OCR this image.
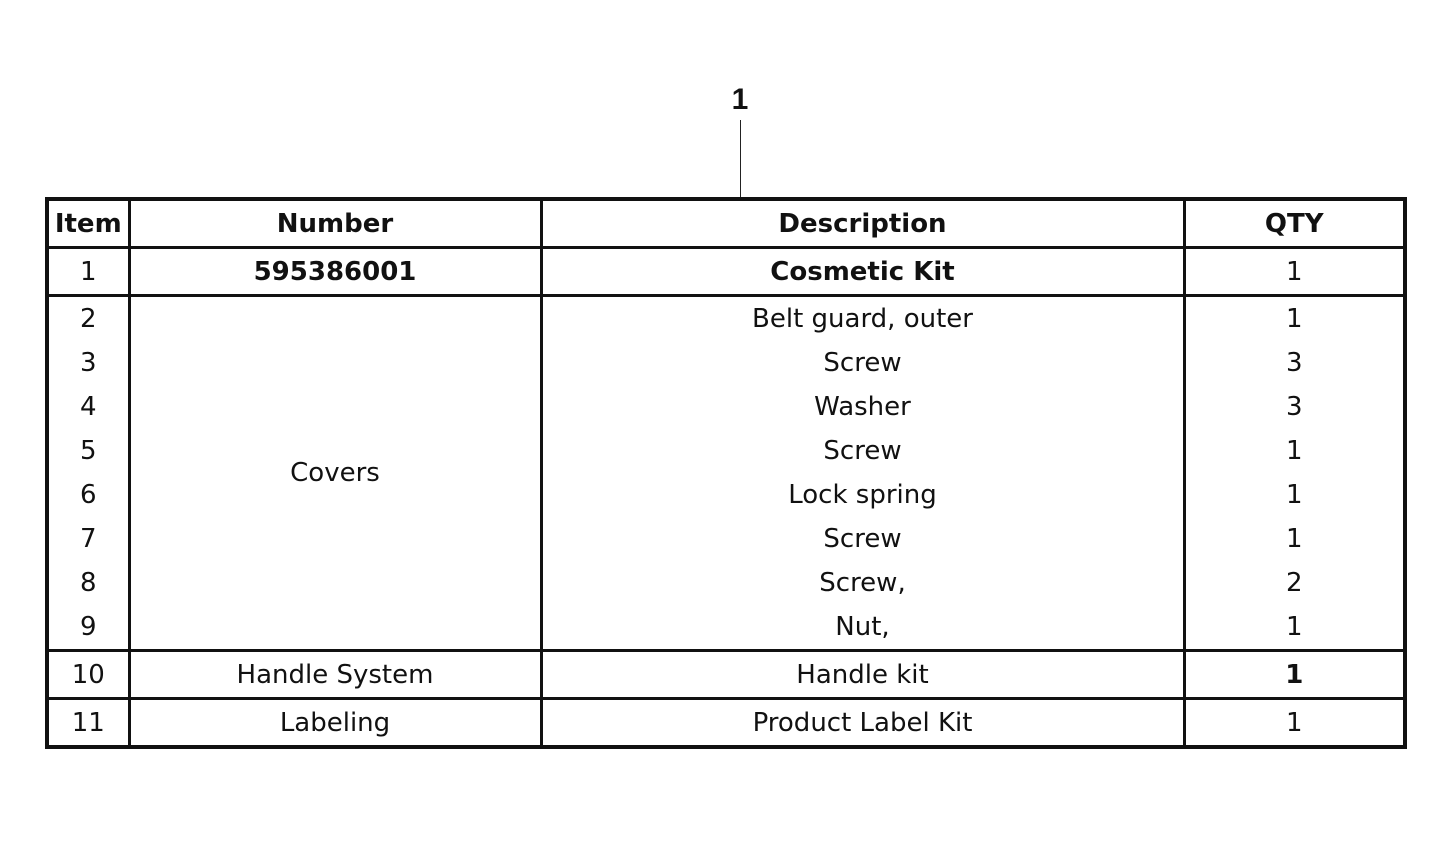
1
Item	Number	Description	QTY
1	595386001	Cosmetic Kit	1
2	Covers	Belt guard, outer	1
3		Screw	3
4		Washer	3
5		Screw	1
6		Lock spring	1
7		Screw	1
8		Screw,	2
9		Nut,	1
10	Handle System	Handle kit	1
11	Labeling	Product Label Kit	1
